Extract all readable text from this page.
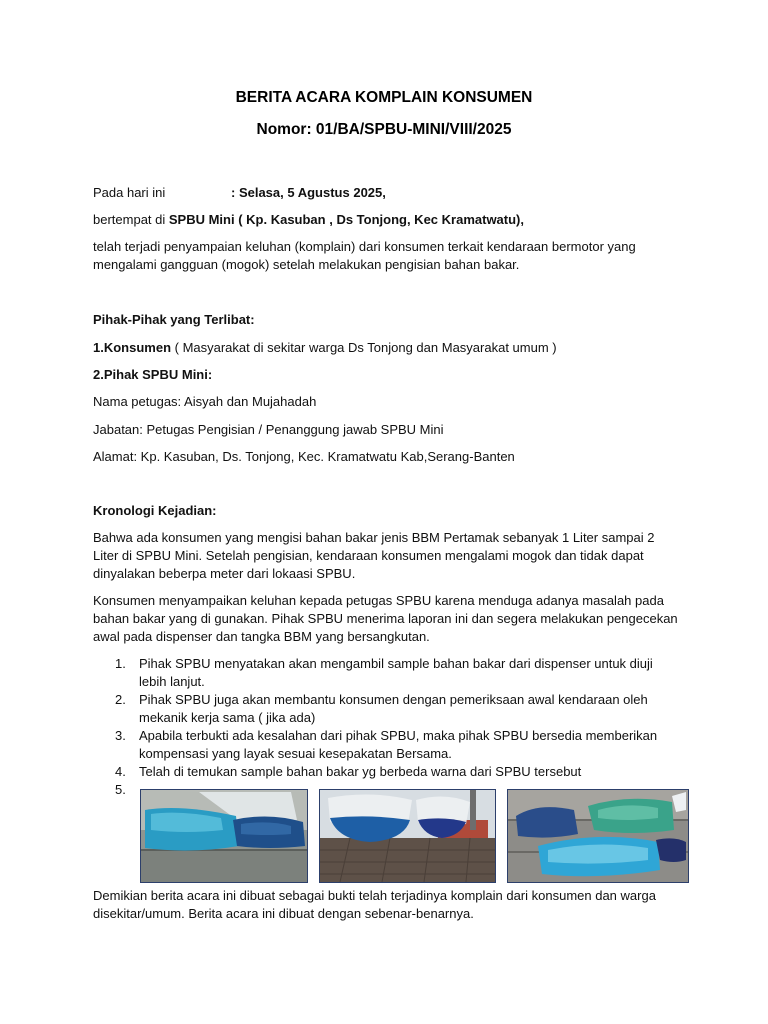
BERITA ACARA KOMPLAIN KONSUMEN
Nomor: 01/BA/SPBU-MINI/VIII/2025
Pada hari ini	: Selasa, 5 Agustus 2025,
bertempat di SPBU Mini ( Kp. Kasuban , Ds Tonjong, Kec Kramatwatu),
telah terjadi penyampaian keluhan (komplain) dari konsumen terkait kendaraan bermotor yang mengalami gangguan (mogok) setelah melakukan pengisian bahan bakar.
Pihak-Pihak yang Terlibat:
1.Konsumen ( Masyarakat di sekitar warga Ds Tonjong dan Masyarakat umum )
2.Pihak SPBU Mini:
Nama petugas: Aisyah dan Mujahadah
Jabatan: Petugas Pengisian / Penanggung jawab SPBU Mini
Alamat: Kp. Kasuban, Ds. Tonjong, Kec. Kramatwatu Kab,Serang-Banten
Kronologi Kejadian:
Bahwa ada konsumen yang mengisi bahan bakar jenis BBM Pertamak sebanyak 1 Liter sampai 2 Liter di SPBU Mini. Setelah pengisian, kendaraan konsumen mengalami mogok dan tidak dapat dinyalakan beberpa meter dari lokaasi SPBU.
Konsumen menyampaikan keluhan kepada petugas SPBU karena menduga adanya masalah pada bahan bakar yang di gunakan. Pihak SPBU menerima laporan ini dan segera melakukan pengecekan awal pada dispenser dan tangka BBM yang bersangkutan.
1. Pihak SPBU menyatakan akan mengambil sample bahan bakar dari dispenser untuk diuji lebih lanjut.
2. Pihak SPBU juga akan membantu konsumen dengan pemeriksaan awal kendaraan oleh mekanik kerja sama ( jika ada)
3. Apabila terbukti ada kesalahan dari pihak SPBU, maka pihak SPBU bersedia memberikan kompensasi yang layak sesuai kesepakatan Bersama.
4. Telah di temukan sample bahan bakar yg berbeda warna dari SPBU tersebut
5.
Demikian berita acara ini dibuat sebagai bukti telah terjadinya komplain dari konsumen dan warga disekitar/umum. Berita acara ini dibuat dengan sebenar-benarnya.
